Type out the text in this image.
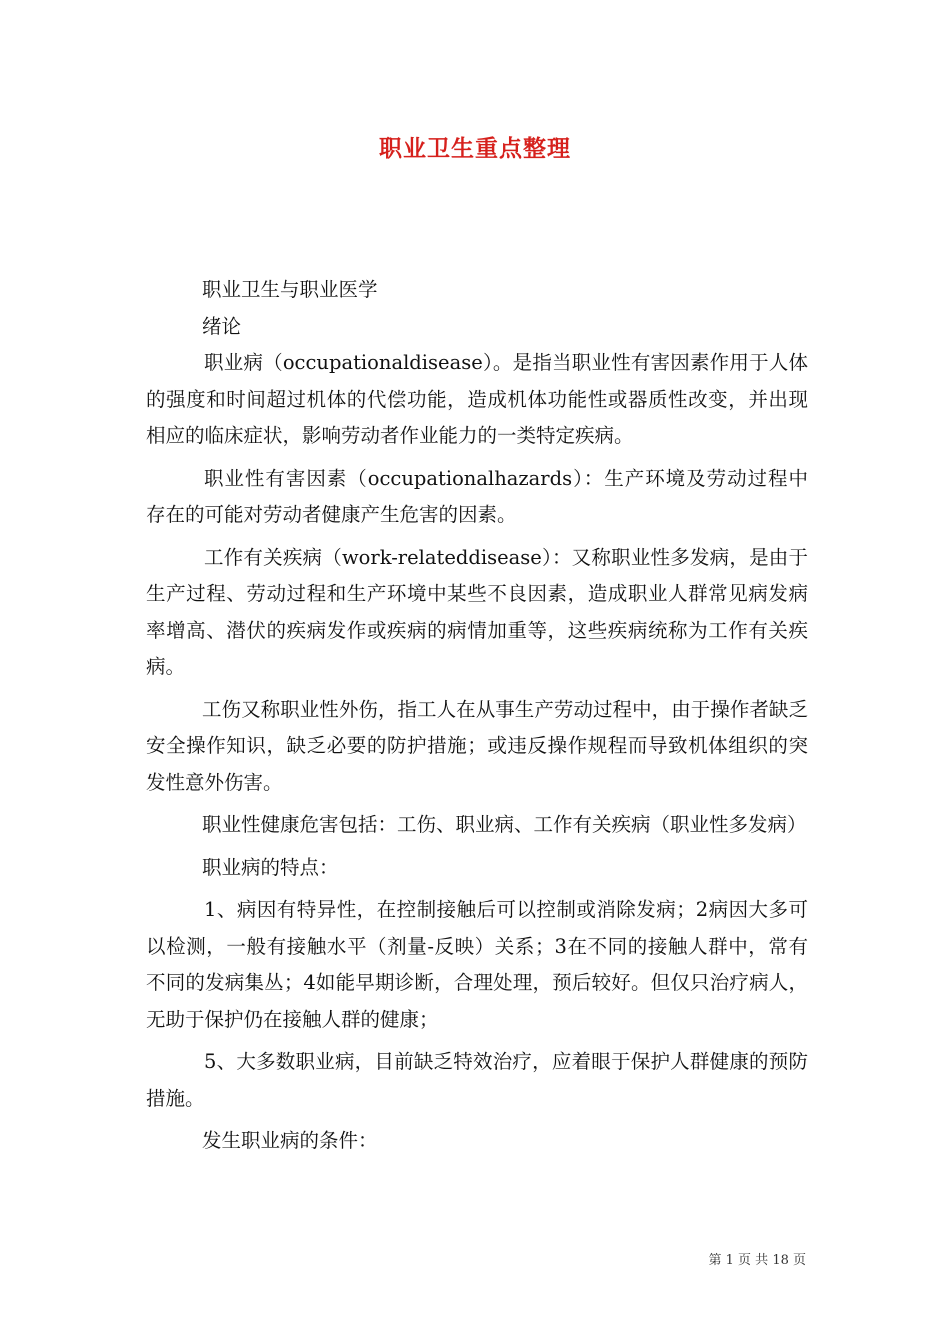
职业卫生重点整理

职业卫生与职业医学

绪论

职业病（occupationaldisease）。是指当职业性有害因素作用于人体的强度和时间超过机体的代偿功能，造成机体功能性或器质性改变，并出现相应的临床症状，影响劳动者作业能力的一类特定疾病。

职业性有害因素（occupationalhazards）：生产环境及劳动过程中存在的可能对劳动者健康产生危害的因素。

工作有关疾病（work-relateddisease）：又称职业性多发病，是由于生产过程、劳动过程和生产环境中某些不良因素，造成职业人群常见病发病率增高、潜伏的疾病发作或疾病的病情加重等，这些疾病统称为工作有关疾病。

工伤又称职业性外伤，指工人在从事生产劳动过程中，由于操作者缺乏安全操作知识，缺乏必要的防护措施；或违反操作规程而导致机体组织的突发性意外伤害。

职业性健康危害包括：工伤、职业病、工作有关疾病（职业性多发病）

职业病的特点：

1、病因有特异性，在控制接触后可以控制或消除发病；2病因大多可以检测，一般有接触水平（剂量-反映）关系；3在不同的接触人群中，常有不同的发病集丛；4如能早期诊断，合理处理，预后较好。但仅只治疗病人，无助于保护仍在接触人群的健康；

5、大多数职业病，目前缺乏特效治疗，应着眼于保护人群健康的预防措施。

发生职业病的条件：

第 1 页 共 18 页
